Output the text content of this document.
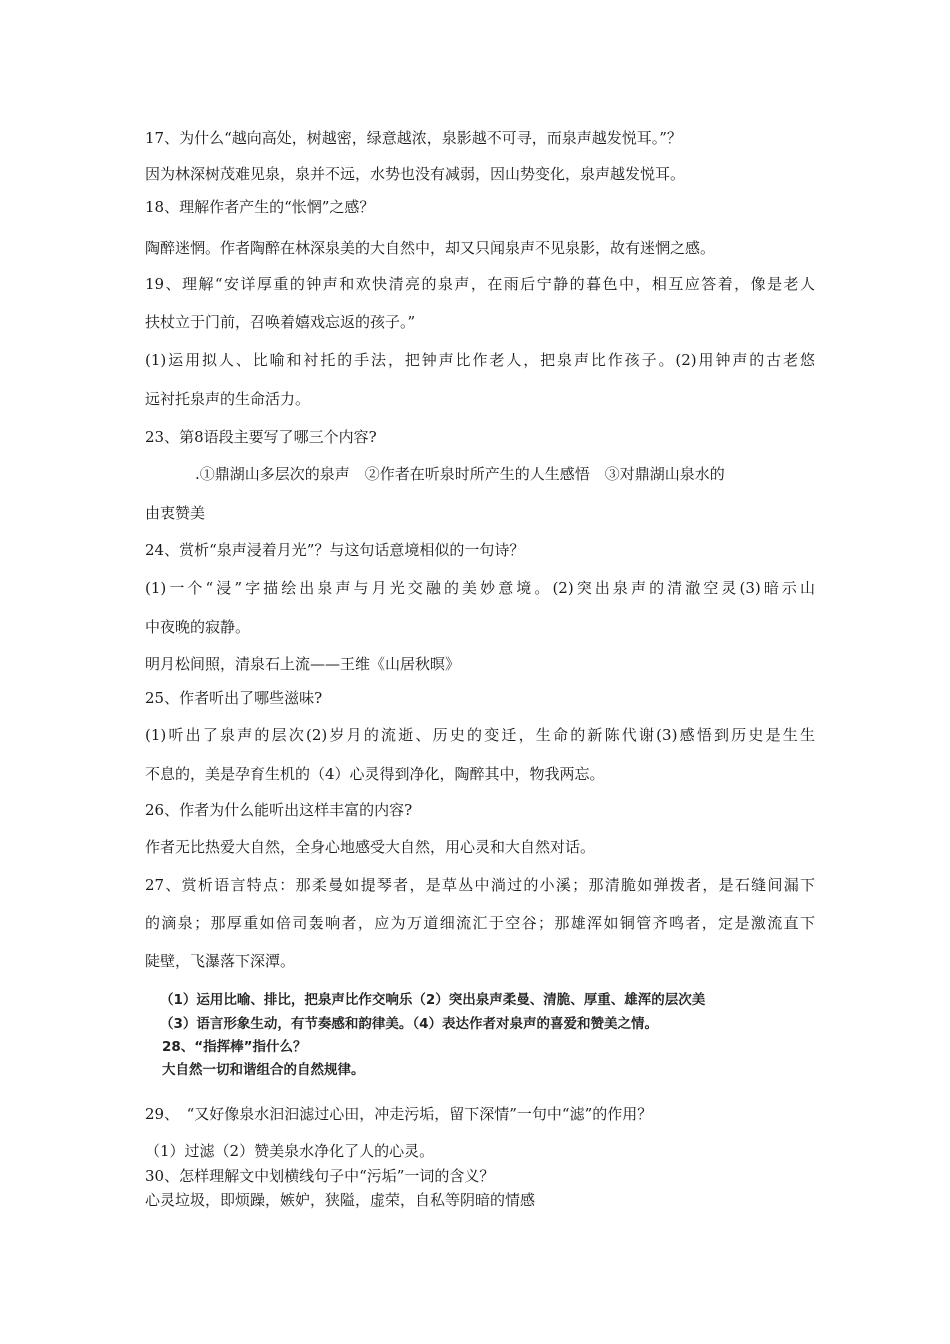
17、为什么“越向高处，树越密，绿意越浓，泉影越不可寻，而泉声越发悦耳。”？
因为林深树茂难见泉，泉并不远，水势也没有减弱，因山势变化，泉声越发悦耳。
18、理解作者产生的“怅惘”之感？
陶醉迷惘。作者陶醉在林深泉美的大自然中，却又只闻泉声不见泉影，故有迷惘之感。
19、理解“安详厚重的钟声和欢快清亮的泉声，在雨后宁静的暮色中，相互应答着，像是老人
扶杖立于门前，召唤着嬉戏忘返的孩子。”
(1)运用拟人、比喻和衬托的手法，把钟声比作老人，把泉声比作孩子。(2)用钟声的古老悠
远衬托泉声的生命活力。
23、第8语段主要写了哪三个内容?
.①鼎湖山多层次的泉声　②作者在听泉时所产生的人生感悟　③对鼎湖山泉水的
由衷赞美
24、赏析“泉声浸着月光”？与这句话意境相似的一句诗？
(1)一个“浸”字描绘出泉声与月光交融的美妙意境。(2)突出泉声的清澈空灵(3)暗示山
中夜晚的寂静。
明月松间照，清泉石上流——王维《山居秋暝》
25、作者听出了哪些滋味?
(1)听出了泉声的层次(2)岁月的流逝、历史的变迁，生命的新陈代谢(3)感悟到历史是生生
不息的，美是孕育生机的（4）心灵得到净化，陶醉其中，物我两忘。
26、作者为什么能听出这样丰富的内容?
作者无比热爱大自然，全身心地感受大自然，用心灵和大自然对话。
27、赏析语言特点：那柔曼如提琴者，是草丛中淌过的小溪；那清脆如弹拨者，是石缝间漏下
的滴泉；那厚重如倍司轰响者，应为万道细流汇于空谷；那雄浑如铜管齐鸣者，定是激流直下
陡壁，飞瀑落下深潭。
（1）运用比喻、排比，把泉声比作交响乐（2）突出泉声柔曼、清脆、厚重、雄浑的层次美
（3）语言形象生动，有节奏感和韵律美。（4）表达作者对泉声的喜爱和赞美之情。
28、“指挥棒”指什么？
大自然一切和谐组合的自然规律。
29、　“又好像泉水汩汩滤过心田，冲走污垢，留下深情”一句中“滤”的作用？
（1）过滤（2）赞美泉水净化了人的心灵。
30、怎样理解文中划横线句子中“污垢”一词的含义？
心灵垃圾，即烦躁，嫉妒，狭隘，虚荣，自私等阴暗的情感
